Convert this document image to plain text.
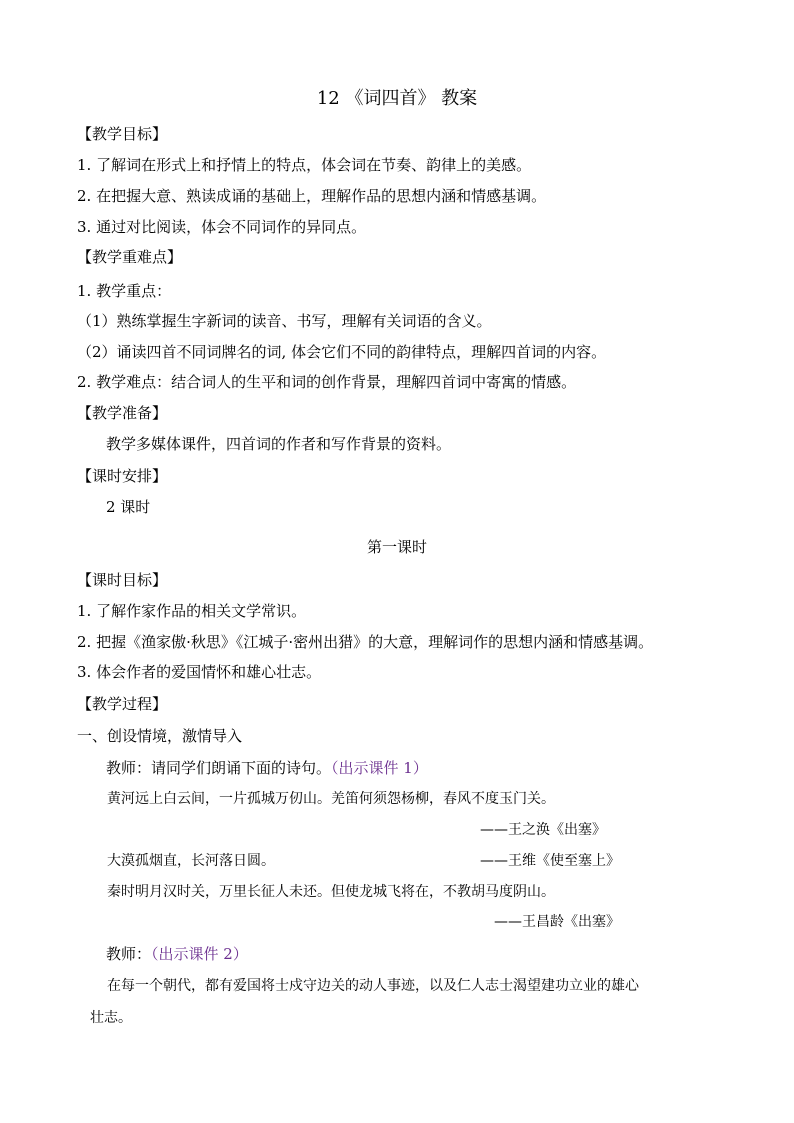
12 《词四首》 教案
【教学目标】
1. 了解词在形式上和抒情上的特点，体会词在节奏、韵律上的美感。
2. 在把握大意、熟读成诵的基础上，理解作品的思想内涵和情感基调。
3. 通过对比阅读，体会不同词作的异同点。
【教学重难点】
1. 教学重点：
（1）熟练掌握生字新词的读音、书写，理解有关词语的含义。
（2）诵读四首不同词牌名的词, 体会它们不同的韵律特点，理解四首词的内容。
2. 教学难点：结合词人的生平和词的创作背景，理解四首词中寄寓的情感。
【教学准备】
教学多媒体课件，四首词的作者和写作背景的资料。
【课时安排】
2 课时
第一课时
【课时目标】
1. 了解作家作品的相关文学常识。
2. 把握《渔家傲·秋思》《江城子·密州出猎》的大意，理解词作的思想内涵和情感基调。
3. 体会作者的爱国情怀和雄心壮志。
【教学过程】
一、创设情境，激情导入
教师：请同学们朗诵下面的诗句。（出示课件 1）
黄河远上白云间，一片孤城万仞山。羌笛何须怨杨柳，春风不度玉门关。
——王之涣《出塞》
大漠孤烟直，长河落日圆。	——王维《使至塞上》
秦时明月汉时关，万里长征人未还。但使龙城飞将在，不教胡马度阴山。
——王昌龄《出塞》
教师：（出示课件 2）
在每一个朝代，都有爱国将士戍守边关的动人事迹，以及仁人志士渴望建功立业的雄心
壮志。
